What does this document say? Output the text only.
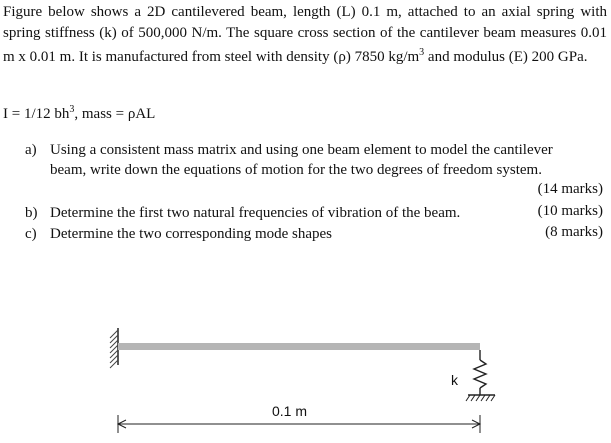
Figure below shows a 2D cantilevered beam, length (L) 0.1 m, attached to an axial spring with spring stiffness (k) of 500,000 N/m. The square cross section of the cantilever beam measures 0.01 m x 0.01 m. It is manufactured from steel with density (ρ) 7850 $kg/m^3$ and modulus (E) 200 GPa.
I = 1/12 $bh^3$, mass = ρAL
a) Using a consistent mass matrix and using one beam element to model the cantilever beam, write down the equations of motion for the two degrees of freedom system.
(14 marks)
b) Determine the first two natural frequencies of vibration of the beam.	(10 marks)
c) Determine the two corresponding mode shapes	(8 marks)
k
0.1 m
